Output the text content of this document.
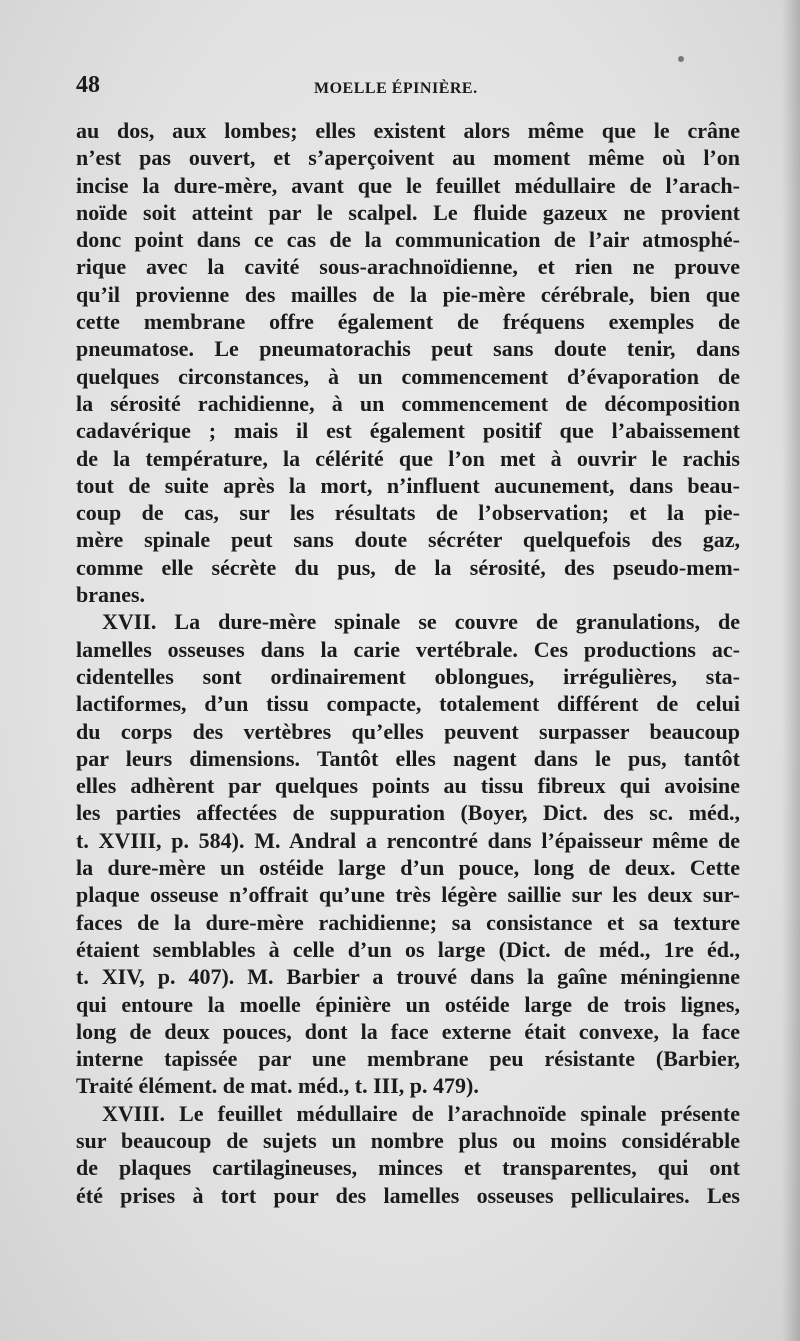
48	MOELLE ÉPINIÈRE.
au dos, aux lombes; elles existent alors même que le crâne
n’est pas ouvert, et s’aperçoivent au moment même où l’on
incise la dure-mère, avant que le feuillet médullaire de l’arach-
noïde soit atteint par le scalpel. Le fluide gazeux ne provient
donc point dans ce cas de la communication de l’air atmosphé-
rique avec la cavité sous-arachnoïdienne, et rien ne prouve
qu’il provienne des mailles de la pie-mère cérébrale, bien que
cette membrane offre également de fréquens exemples de
pneumatose. Le pneumatorachis peut sans doute tenir, dans
quelques circonstances, à un commencement d’évaporation de
la sérosité rachidienne, à un commencement de décomposition
cadavérique ; mais il est également positif que l’abaissement
de la température, la célérité que l’on met à ouvrir le rachis
tout de suite après la mort, n’influent aucunement, dans beau-
coup de cas, sur les résultats de l’observation; et la pie-
mère spinale peut sans doute sécréter quelquefois des gaz,
comme elle sécrète du pus, de la sérosité, des pseudo-mem-
branes.
XVII. La dure-mère spinale se couvre de granulations, de
lamelles osseuses dans la carie vertébrale. Ces productions ac-
cidentelles sont ordinairement oblongues, irrégulières, sta-
lactiformes, d’un tissu compacte, totalement différent de celui
du corps des vertèbres qu’elles peuvent surpasser beaucoup
par leurs dimensions. Tantôt elles nagent dans le pus, tantôt
elles adhèrent par quelques points au tissu fibreux qui avoisine
les parties affectées de suppuration (Boyer, Dict. des sc. méd.,
t. XVIII, p. 584). M. Andral a rencontré dans l’épaisseur même de
la dure-mère un ostéide large d’un pouce, long de deux. Cette
plaque osseuse n’offrait qu’une très légère saillie sur les deux sur-
faces de la dure-mère rachidienne; sa consistance et sa texture
étaient semblables à celle d’un os large (Dict. de méd., 1re éd.,
t. XIV, p. 407). M. Barbier a trouvé dans la gaîne méningienne
qui entoure la moelle épinière un ostéide large de trois lignes,
long de deux pouces, dont la face externe était convexe, la face
interne tapissée par une membrane peu résistante (Barbier,
Traité élément. de mat. méd., t. III, p. 479).
XVIII. Le feuillet médullaire de l’arachnoïde spinale présente
sur beaucoup de sujets un nombre plus ou moins considérable
de plaques cartilagineuses, minces et transparentes, qui ont
été prises à tort pour des lamelles osseuses pelliculaires. Les
